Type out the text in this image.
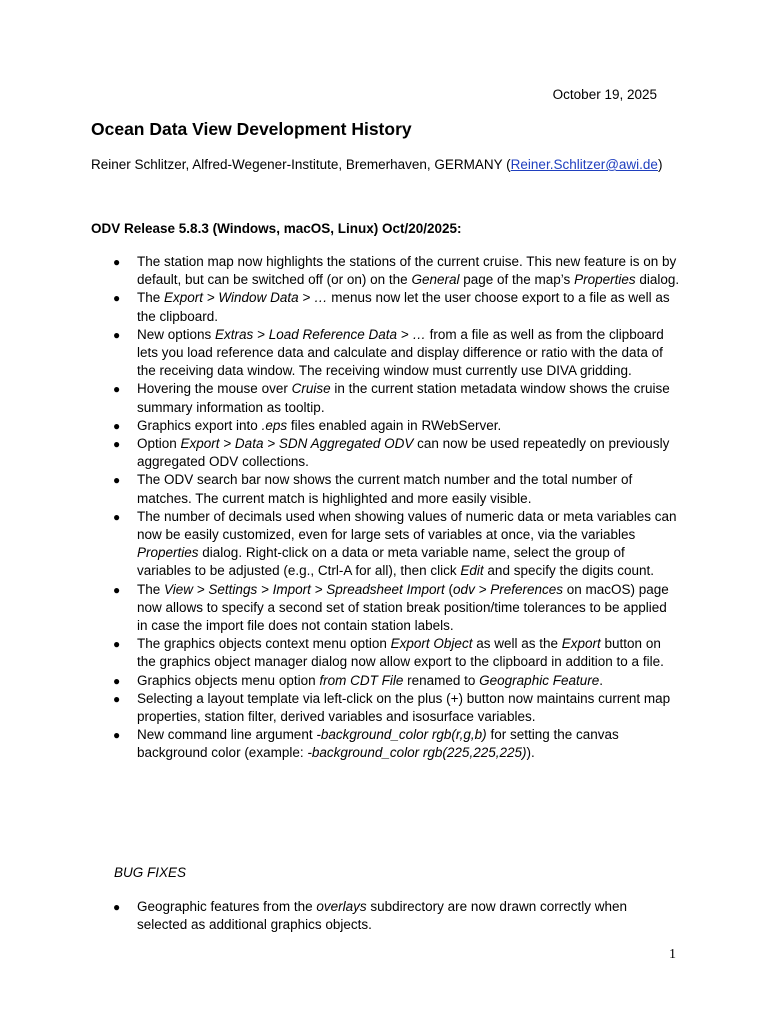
October 19, 2025
Ocean Data View Development History
Reiner Schlitzer, Alfred-Wegener-Institute, Bremerhaven, GERMANY (Reiner.Schlitzer@awi.de)
ODV Release 5.8.3 (Windows, macOS, Linux) Oct/20/2025:
● The station map now highlights the stations of the current cruise. This new feature is on by default, but can be switched off (or on) on the General page of the map’s Properties dialog.
● The Export > Window Data > … menus now let the user choose export to a file as well as the clipboard.
● New options Extras > Load Reference Data > … from a file as well as from the clipboard lets you load reference data and calculate and display difference or ratio with the data of the receiving data window. The receiving window must currently use DIVA gridding.
● Hovering the mouse over Cruise in the current station metadata window shows the cruise summary information as tooltip.
● Graphics export into .eps files enabled again in RWebServer.
● Option Export > Data > SDN Aggregated ODV can now be used repeatedly on previously aggregated ODV collections.
● The ODV search bar now shows the current match number and the total number of matches. The current match is highlighted and more easily visible.
● The number of decimals used when showing values of numeric data or meta variables can now be easily customized, even for large sets of variables at once, via the variables Properties dialog. Right-click on a data or meta variable name, select the group of variables to be adjusted (e.g., Ctrl-A for all), then click Edit and specify the digits count.
● The View > Settings > Import > Spreadsheet Import (odv > Preferences on macOS) page now allows to specify a second set of station break position/time tolerances to be applied in case the import file does not contain station labels.
● The graphics objects context menu option Export Object as well as the Export button on the graphics object manager dialog now allow export to the clipboard in addition to a file.
● Graphics objects menu option from CDT File renamed to Geographic Feature.
● Selecting a layout template via left-click on the plus (+) button now maintains current map properties, station filter, derived variables and isosurface variables.
● New command line argument -background_color rgb(r,g,b) for setting the canvas background color (example: -background_color rgb(225,225,225)).
BUG FIXES
● Geographic features from the overlays subdirectory are now drawn correctly when selected as additional graphics objects.
1
